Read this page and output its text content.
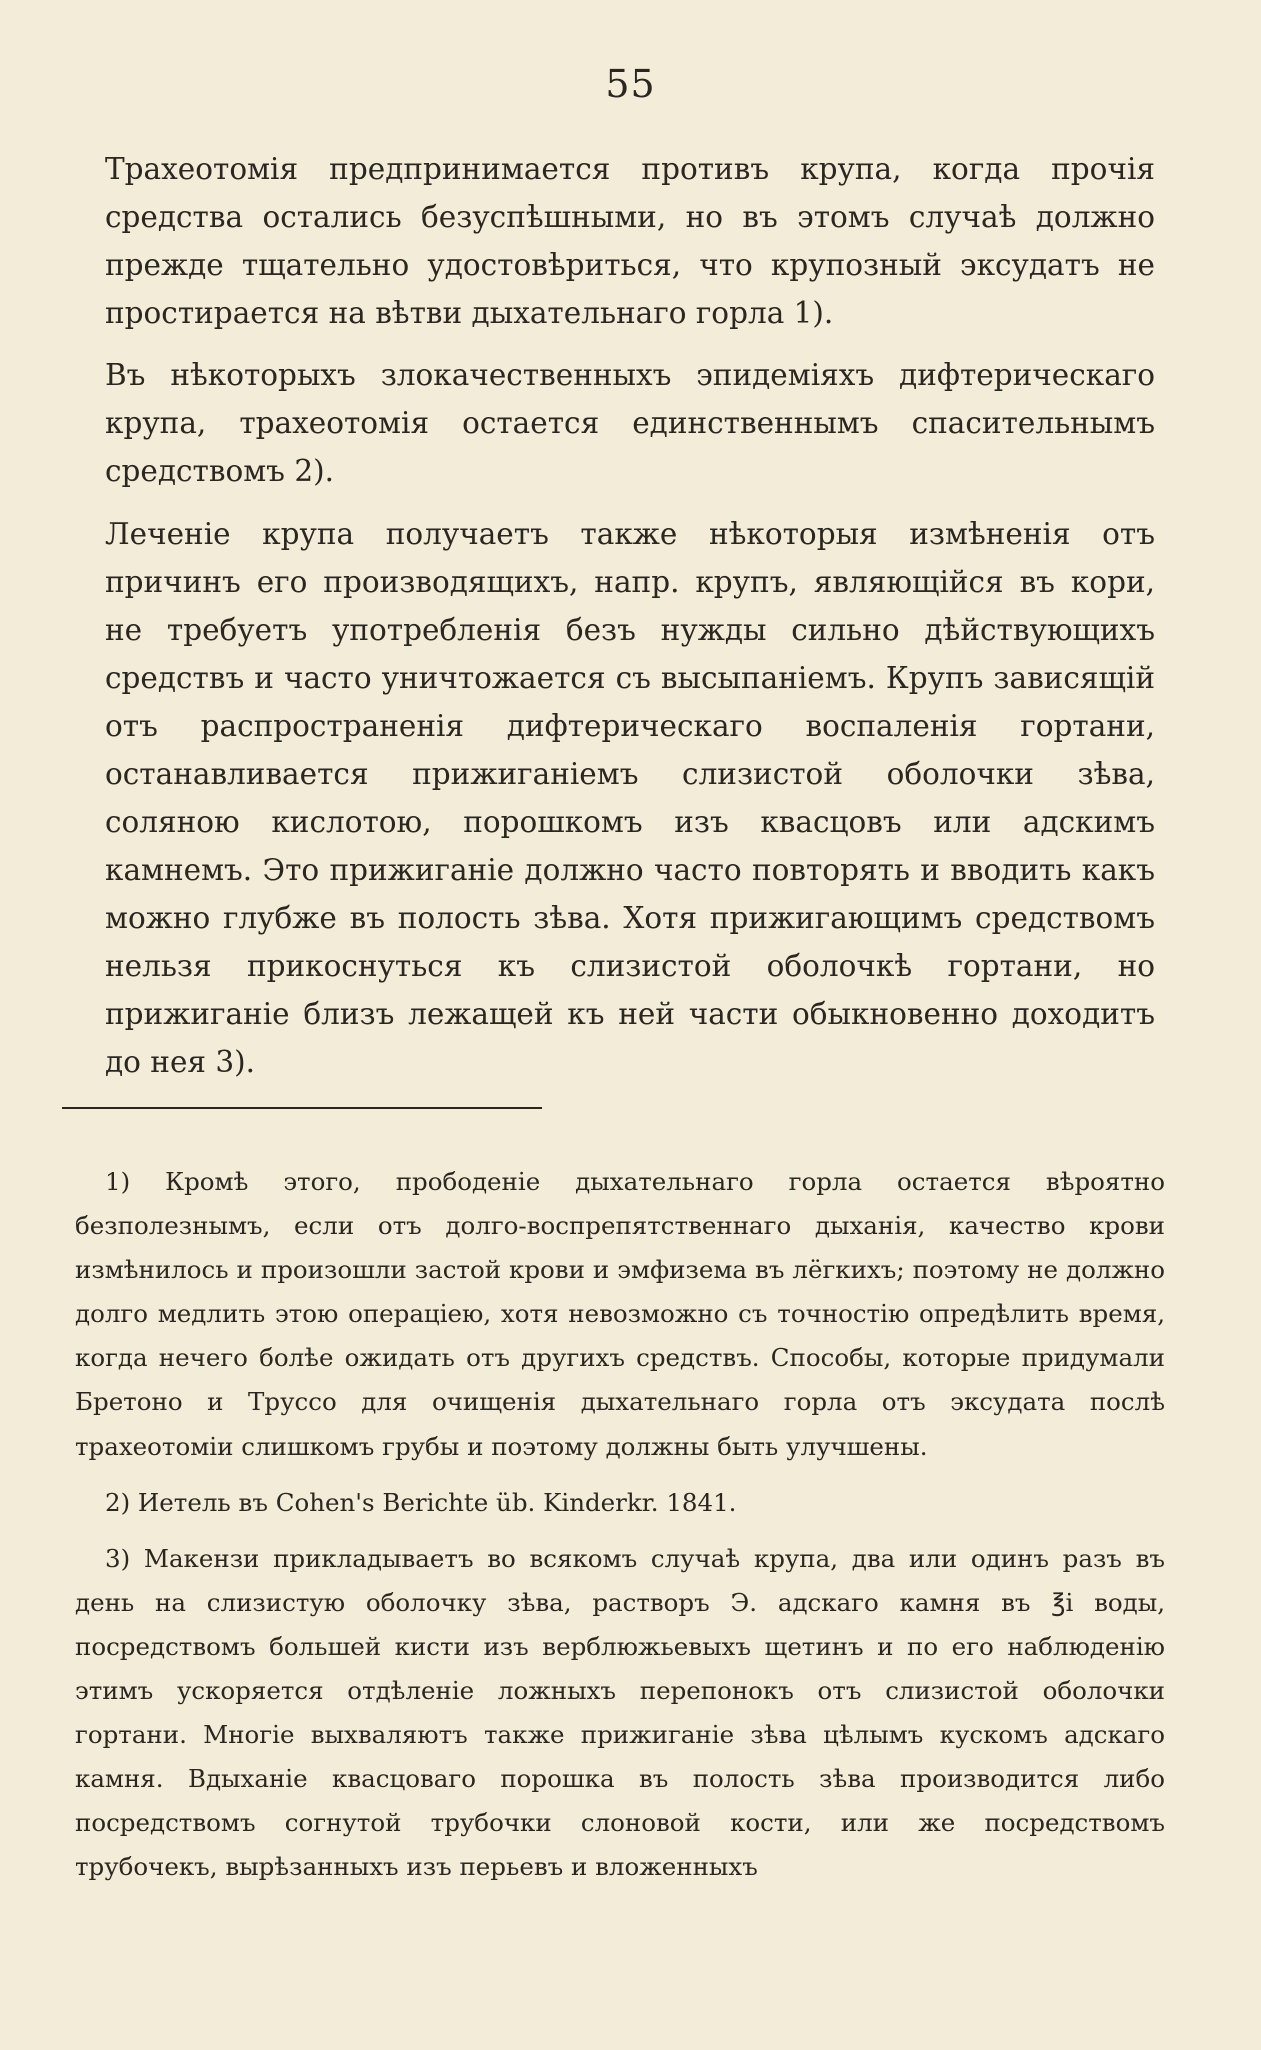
55

Трахеотомія предпринимается противъ крупа, когда прочія средства остались безуспѣшными, но въ этомъ случаѣ должно прежде тщательно удостовѣриться, что крупозный эксудатъ не простирается на вѣтви дыхательнаго горла 1).

Въ нѣкоторыхъ злокачественныхъ эпидеміяхъ дифтерическаго крупа, трахеотомія остается единственнымъ спасительнымъ средствомъ 2).

Леченіе крупа получаетъ также нѣкоторыя измѣненія отъ причинъ его производящихъ, напр. крупъ, являющійся въ кори, не требуетъ употребленія безъ нужды сильно дѣйствующихъ средствъ и часто уничтожается съ высыпаніемъ. Крупъ зависящій отъ распространенія дифтерическаго воспаленія гортани, останавливается прижиганіемъ слизистой оболочки зѣва, соляною кислотою, порошкомъ изъ квасцовъ или адскимъ камнемъ. Это прижиганіе должно часто повторять и вводить какъ можно глубже въ полость зѣва. Хотя прижигающимъ средствомъ нельзя прикоснуться къ слизистой оболочкѣ гортани, но прижиганіе близъ лежащей къ ней части обыкновенно доходитъ до нея 3).

1) Кромѣ этого, прободеніе дыхательнаго горла остается вѣроятно безполезнымъ, если отъ долго-воспрепятственнаго дыханія, качество крови измѣнилось и произошли застой крови и эмфизема въ лёгкихъ; поэтому не должно долго медлить этою операціею, хотя невозможно съ точностію опредѣлить время, когда нечего болѣе ожидать отъ другихъ средствъ. Способы, которые придумали Бретоно и Труссо для очищенія дыхательнаго горла отъ эксудата послѣ трахеотоміи слишкомъ грубы и поэтому должны быть улучшены.

2) Иетель въ Cohen's Berichte üb. Kinderkr. 1841.

3) Макензи прикладываетъ во всякомъ случаѣ крупа, два или одинъ разъ въ день на слизистую оболочку зѣва, растворъ Э. адскаго камня въ ℥i воды, посредствомъ большей кисти изъ верблюжьевыхъ щетинъ и по его наблюденію этимъ ускоряется отдѣленіе ложныхъ перепонокъ отъ слизистой оболочки гортани. Многіе выхваляютъ также прижиганіе зѣва цѣлымъ кускомъ адскаго камня. Вдыханіе квасцоваго порошка въ полость зѣва производится либо посредствомъ согнутой трубочки слоновой кости, или же посредствомъ трубочекъ, вырѣзанныхъ изъ перьевъ и вложенныхъ
